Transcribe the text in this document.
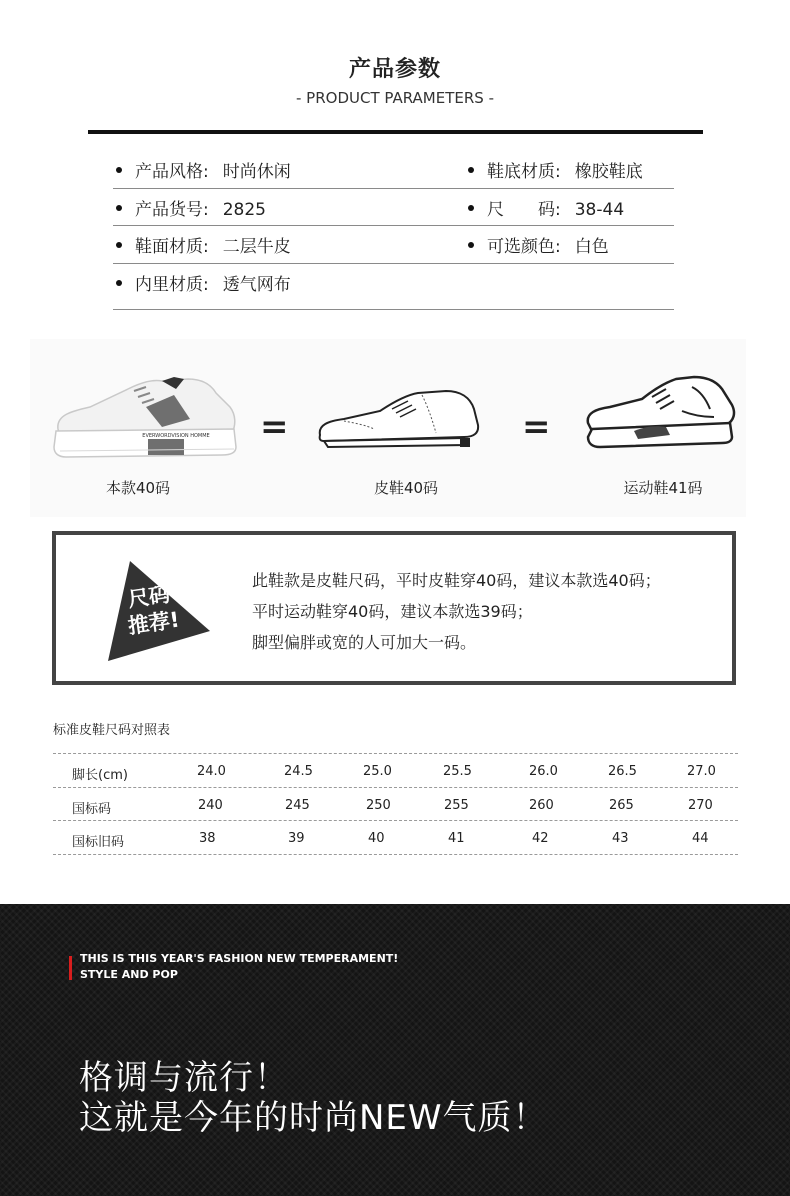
产品参数
- PRODUCT PARAMETERS -
产品风格: 时尚休闲	鞋底材质: 橡胶鞋底
产品货号: 2825	尺　　码: 38-44
鞋面材质: 二层牛皮	可选颜色: 白色
内里材质: 透气网布
EVERWORDVISION HOMME =	=
本款40码	皮鞋40码	运动鞋41码
尺码
推荐!
此鞋款是皮鞋尺码，平时皮鞋穿40码，建议本款选40码；
平时运动鞋穿40码，建议本款选39码；
脚型偏胖或宽的人可加大一码。
标准皮鞋尺码对照表
脚长(cm)	24.0	24.5	25.0	25.5	26.0	26.5	27.0
国标码	240	245	250	255	260	265	270
国标旧码	38	39	40	41	42	43	44
THIS IS THIS YEAR'S FASHION NEW TEMPERAMENT!
STYLE AND POP
格调与流行！
这就是今年的时尚NEW气质！
